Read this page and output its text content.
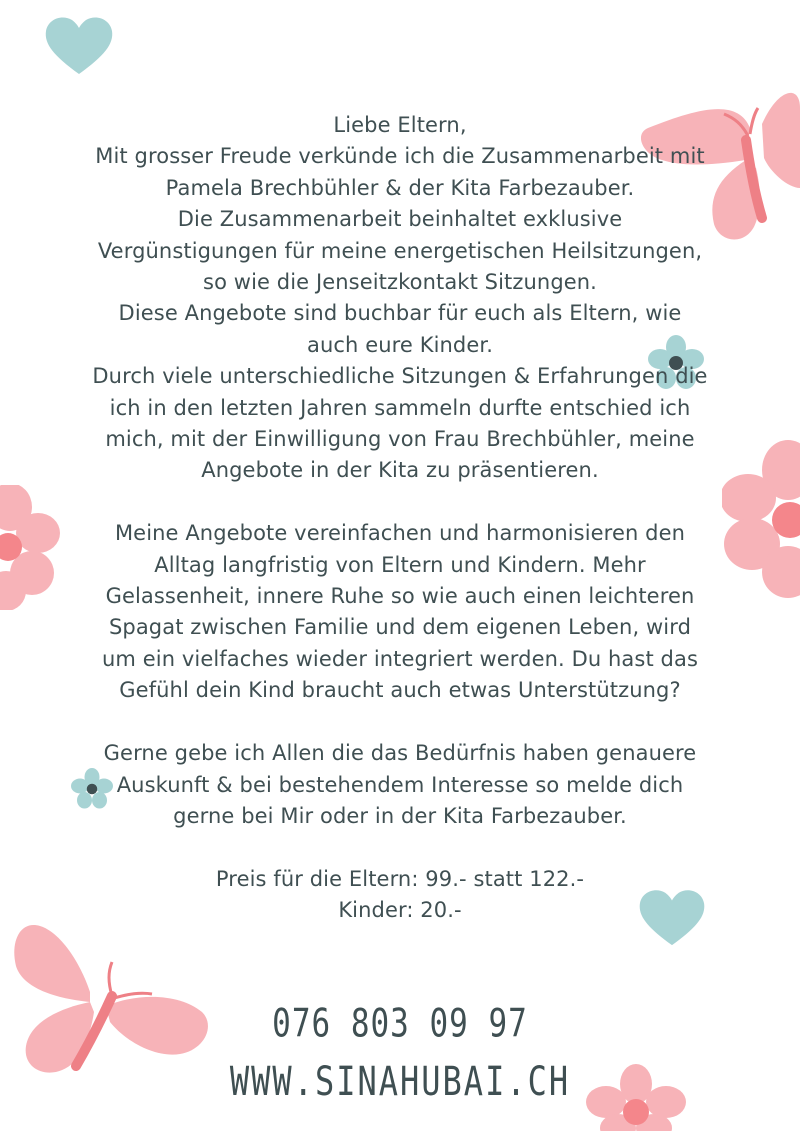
Liebe Eltern,
Mit grosser Freude verkünde ich die Zusammenarbeit mit
Pamela Brechbühler & der Kita Farbezauber.
Die Zusammenarbeit beinhaltet exklusive
Vergünstigungen für meine energetischen Heilsitzungen,
so wie die Jenseitzkontakt Sitzungen.
Diese Angebote sind buchbar für euch als Eltern, wie
auch eure Kinder.
Durch viele unterschiedliche Sitzungen & Erfahrungen die
ich in den letzten Jahren sammeln durfte entschied ich
mich, mit der Einwilligung von Frau Brechbühler, meine
Angebote in der Kita zu präsentieren.
Meine Angebote vereinfachen und harmonisieren den
Alltag langfristig von Eltern und Kindern. Mehr
Gelassenheit, innere Ruhe so wie auch einen leichteren
Spagat zwischen Familie und dem eigenen Leben, wird
um ein vielfaches wieder integriert werden. Du hast das
Gefühl dein Kind braucht auch etwas Unterstützung?
Gerne gebe ich Allen die das Bedürfnis haben genauere
Auskunft & bei bestehendem Interesse so melde dich
gerne bei Mir oder in der Kita Farbezauber.
Preis für die Eltern: 99.- statt 122.-
Kinder: 20.-
076 803 09 97
WWW.SINAHUBAI.CH
